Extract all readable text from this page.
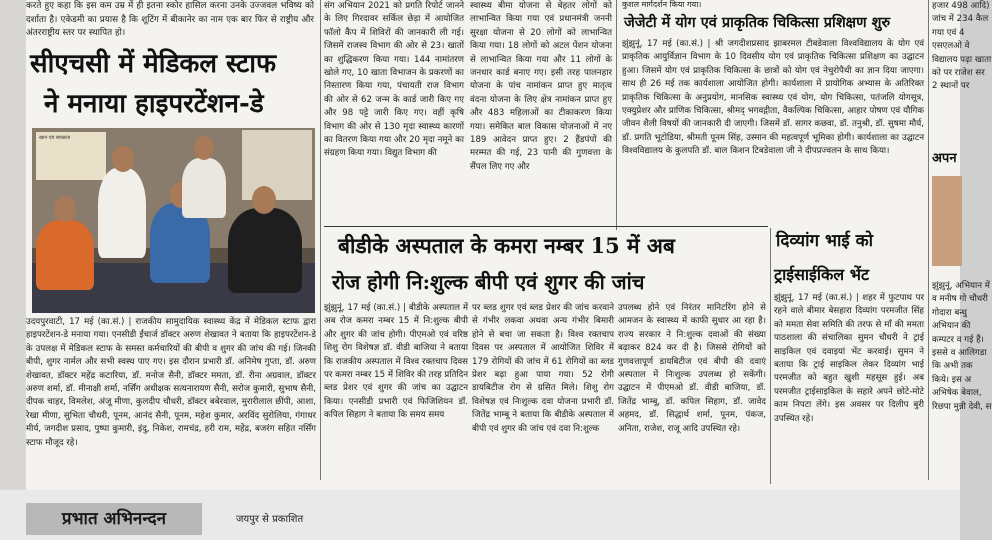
करते हुए कहा कि इस कम उम्र में ही इतना स्कोर हासिल करना उनके उज्जवल भविष्य को दर्शाता है। एकेडमी का प्रयास है कि शूटिंग में बीकानेर का नाम एक बार फिर से राष्ट्रीय और अंतरराष्ट्रीय स्तर पर स्थापित हो।
सीएचसी में मेडिकल स्टाफ
ने मनाया हाइपरटेंशन-डे
खान एवं स्वच्छता
उदयपुरवाटी, 17 मई (का.सं.) | राजकीय सामुदायिक स्वास्थ्य केंद्र में मेडिकल स्टाफ द्वारा हाइपरटेंशन-डे मनाया गया। एनसीडी ईंचार्ज डॉक्टर अरुण शेखावत ने बताया कि हाइपरटेंशन-डे के उपलक्ष में मेडिकल स्टाफ के समस्त कर्मचारियों की बीपी व शुगर की जांच की गई। जिनकी बीपी, शुगर नार्मल और सभी स्वस्थ पाए गए। इस दौरान प्रभारी डॉ. अनिमेष गुप्ता, डॉ. अरुण शेखावत, डॉक्टर महेंद्र कटारिया, डॉ. मनोज सैनी, डॉक्टर ममता, डॉ. रीना अग्रवाल, डॉक्टर अरुण शर्मा, डॉ. मीनाक्षी शर्मा, नर्सिंग अधीक्षक सत्यनारायण सैनी, सरोज कुमारी, सुभाष सैनी, दीपक चाहर, विमलेश, अंजू मीणा, कुलदीप चौधरी, डॉक्टर बबेरवाल, मुरारीलाल छींपी, आशा, रेखा मीणा, सुभिता चौधरी, पूनम, आनंद सैनी, पूनम, महेश कुमार, अरविंद सुरोलिया, गंगाधर मीर्य, जगदीश प्रसाद, पुष्पा कुमारी, इंदु, निकेश, रामचंद्र, हरी राम, महेंद्र, बजरंग सहित नर्सिंग स्टाफ मौजूद रहे।
संग अभियान 2021 को प्रगति रिपोर्ट जानने के लिए गिरदावर सर्किल छेड़ा में आयोजित फॉलो कैंप में शिविरों की जानकारी ली गई। जिसमें राजस्व विभाग की ओर से 23। खातों का शुद्धिकरण किया गया। 144 नामांतरण खोले गए, 10 खाता विभाजन के प्रकरणों का निस्तारण किया गया, पंचायती राज विभाग की ओर से 62 जन्म के कार्ड जारी किए गए और 98 पट्टे जारी किए गए। वहीं कृषि विभाग की ओर से 130 मृदा स्वास्थ्य कारणों का वितरण किया गया और 20 मृदा नमूने का संग्रहण किया गया। विद्युत विभाग की
स्वास्थ्य बीमा योजना से बेहतर लोगों को लाभान्वित किया गया एवं प्रधानमंत्री जननी सुरक्षा योजना से 20 लोगों को लाभान्वित किया गया। 18 लोगों को अटल पेंशन योजना से लाभान्वित किया गया और 11 लोगों के जनधार कार्ड बनाए गए। इसी तरह पालनहार योजना के पांच नामांकन प्राप्त हुए मातृत्व वंदना योजना के लिए क्षेत्र नामांकन प्राप्त हुए और 483 महिलाओं का टीकाकरण किया गया। समेकित बाल विकास योजनाओं में नए 189 आवेदन प्राप्त हुए। 2 हैंडपंपों की मरम्मत की गई, 23 पानी की गुणवत्ता के सैंपल लिए गए और
बीडीके अस्पताल के कमरा नम्बर 15 में अब
रोज होगी नि:शुल्क बीपी एवं शुगर की जांच
झुंझुनूं, 17 मई (का.सं.) | बीडीके अस्पताल में अब रोज कमरा नम्बर 15 में नि:शुल्क बीपी और शुगर की जांच होगी। पीएमओ एवं वरिष्ठ शिशु रोग विशेषज्ञ डॉ. वीडी बाजिया ने बताया कि राजकीय अस्पताल में विश्व रक्तचाप दिवस पर कमरा नम्बर 15 में शिविर की तरह प्रतिदिन ब्लड प्रेशर एवं शुगर की जांच का उद्घाटन किया। एनसीडी प्रभारी एवं फिजिशियन डॉ. कपिल सिहाग ने बताया कि समय समय
पर ब्लड शुगर एवं ब्लड प्रेशर की जांच करवाने से गंभीर लकवा अथवा अन्य गंभीर बिमारी होने से बचा जा सकता है। विश्व रक्तचाप दिवस पर अस्पताल में आयोजित शिविर में 179 रोगियों की जांच में 61 रोगियों का ब्लड प्रेशर बढ़ा हुआ पाया गया। 52 रोगी डायबिटीज रोग से ग्रसित मिले। शिशु रोग विशेषज्ञ एवं निःशुल्क दवा योजना प्रभारी डॉ. जितेंद्र भाम्बू ने बताया कि बीडीके अस्पताल में बीपी एवं शुगर की जांच एवं दवा नि:शुल्क
उपलब्ध होने एवं निरंतर मानिटरिंग होने से आमजन के स्वास्थ्य में काफी सुधार आ रहा है। राज्य सरकार ने नि:शुल्क दवाओं की संख्या बढ़ाकर 824 कर दी है। जिससे रोगियों को गुणवत्तापूर्ण डायबिटीज एवं बीपी की दवाएं अस्पताल में निःशुल्क उपलब्ध हो सकेंगी। उद्घाटन में पीएमओ डॉ. वीडी बाजिया, डॉ. जितेंद्र भाम्बू, डॉ. कपिल सिहाग, डॉ. जावेद अहमद, डॉ. सिद्धार्थ शर्मा, पूनम, पंकज, अनिता, राजेश, राजू आदि उपस्थित रहे।
कुशल मार्गदर्शन किया गया।
जेजेटी में योग एवं प्राकृतिक चिकित्सा प्रशिक्षण शुरु
झुंझुनूं, 17 मई (का.सं.) | श्री जगदीशप्रसाद झाबरमल टीबडेवाला विश्वविद्यालय के योग एवं प्राकृतिक आयुर्विज्ञान विभाग के 10 दिवसीय योग एवं प्राकृतिक चिकित्सा प्रशिक्षण का उद्घाटन हुआ। जिसमें योग एवं प्राकृतिक चिकित्सा के छात्रों को योग एवं नेचुरोपैथी का ज्ञान दिया जाएगा। साथ ही 26 मई तक कार्यशाला आयोजित होगी। कार्यशाला में प्रायोगिक अभ्यास के अतिरिक्त प्राकृतिक चिकित्सा के अनुप्रयोग, मानसिक स्वास्थ्य एवं योग, योग चिकित्सा, पतंजलि योगसूत्र, एक्युप्रेशर और प्राणिक चिकित्सा, श्रीमद् भगवद्गीता, वैकल्पिक चिकित्सा, आहार पोषण एवं यौगिक जीवन शैली विषयों की जानकारी दी जाएगी। जिसमें डॉ. सागर कछवा, डॉ. तनुश्री, डॉ. सुषमा मौर्य, डॉ. प्रगति भूटोडिया, श्रीमती पूनम सिंह, उस्मान की महत्वपूर्ण भूमिका होगी। कार्यशाला का उद्घाटन विश्वविद्यालय के कुलपति डॉ. बाल किशन टिबडेवाला जी ने दीपप्रज्वलन के साथ किया।
दिव्यांग भाई को
ट्राईसाईकिल भेंट
झुंझुनूं, 17 मई (का.सं.) | शहर में फुटपाथ पर रहने वाले बीमार बेसहारा दिव्यांग परमजीत सिंह को ममता सेवा समिति की तरफ से माँ की ममता पाठशाला की संचालिका सुमन चौधरी ने ट्राई साइकिल एवं दवाइयां भेंट करवाई। सुमन ने बताया कि ट्राई साइकिल लेकर दिव्यांग भाई परमजीत को बहुत खुशी महसूस हुई। अब परमजीत ट्राईसाइकिल के सहारे अपने छोटे-मोटे काम निपटा लेंगे। इस अवसर पर दिलीप बुरी उपस्थित रहे।
हजार 498 आदि) जांच में 234 कैल गया एवं 4 एसएलओ वे विद्यालय पढ़ा खाता को पर राजेश सर 2 स्थानों पर
अपन
झुंझुनूं, अभियान में व मनीष गो चौधरी गोदारा बन्धु अभियान की कम्पटर व गई हैं। इससे व आलिगडा कि अभी तक किये। इस अ अभिषेक बेवाल, रिछपा मुन्नी देवी, स
प्रभात अभिनन्दन	जयपुर से प्रकाशित
